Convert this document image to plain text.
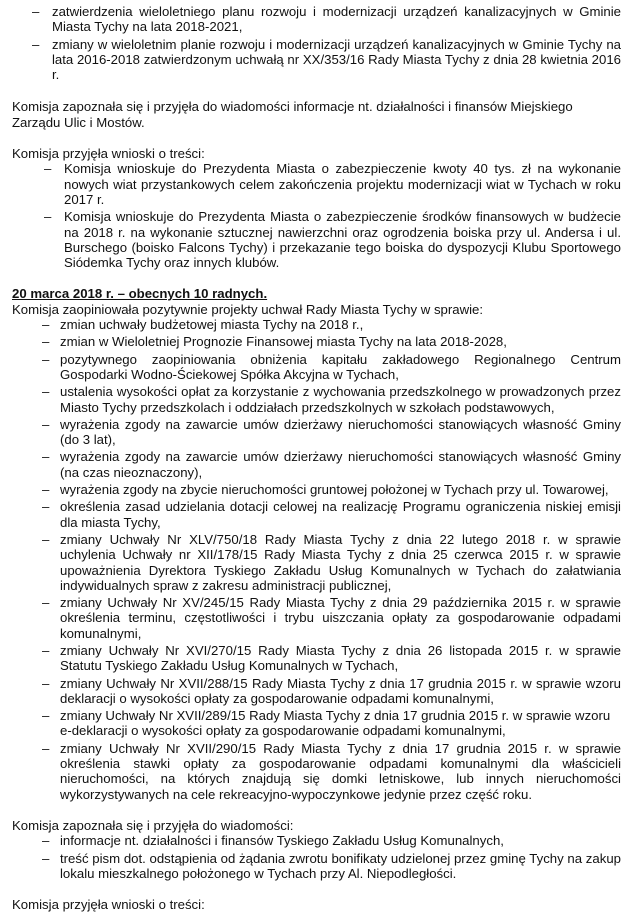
– zatwierdzenia wieloletniego planu rozwoju i modernizacji urządzeń kanalizacyjnych w Gminie Miasta Tychy na lata 2018-2021,
– zmiany w wieloletnim planie rozwoju i modernizacji urządzeń kanalizacyjnych w Gminie Tychy na lata 2016-2018 zatwierdzonym uchwałą nr XX/353/16 Rady Miasta Tychy z dnia 28 kwietnia 2016 r.

Komisja zapoznała się i przyjęła do wiadomości informacje nt. działalności i finansów Miejskiego Zarządu Ulic i Mostów.

Komisja przyjęła wnioski o treści:

– Komisja wnioskuje do Prezydenta Miasta o zabezpieczenie kwoty 40 tys. zł na wykonanie nowych wiat przystankowych celem zakończenia projektu modernizacji wiat w Tychach w roku 2017 r.
– Komisja wnioskuje do Prezydenta Miasta o zabezpieczenie środków finansowych w budżecie na 2018 r. na wykonanie sztucznej nawierzchni oraz ogrodzenia boiska przy ul. Andersa i ul. Burschego (boisko Falcons Tychy) i przekazanie tego boiska do dyspozycji Klubu Sportowego Siódemka Tychy oraz innych klubów.

20 marca 2018 r. – obecnych 10 radnych.

Komisja zaopiniowała pozytywnie projekty uchwał Rady Miasta Tychy w sprawie:

– zmian uchwały budżetowej miasta Tychy na 2018 r.,
– zmian w Wieloletniej Prognozie Finansowej miasta Tychy na lata 2018-2028,
– pozytywnego zaopiniowania obniżenia kapitału zakładowego Regionalnego Centrum Gospodarki Wodno-Ściekowej Spółka Akcyjna w Tychach,
– ustalenia wysokości opłat za korzystanie z wychowania przedszkolnego w prowadzonych przez Miasto Tychy przedszkolach i oddziałach przedszkolnych w szkołach podstawowych,
– wyrażenia zgody na zawarcie umów dzierżawy nieruchomości stanowiących własność Gminy (do 3 lat),
– wyrażenia zgody na zawarcie umów dzierżawy nieruchomości stanowiących własność Gminy (na czas nieoznaczony),
– wyrażenia zgody na zbycie nieruchomości gruntowej położonej w Tychach przy ul. Towarowej,
– określenia zasad udzielania dotacji celowej na realizację Programu ograniczenia niskiej emisji dla miasta Tychy,
– zmiany Uchwały Nr XLV/750/18 Rady Miasta Tychy z dnia 22 lutego 2018 r. w sprawie uchylenia Uchwały nr XII/178/15 Rady Miasta Tychy z dnia 25 czerwca 2015 r. w sprawie upoważnienia Dyrektora Tyskiego Zakładu Usług Komunalnych w Tychach do załatwiania indywidualnych spraw z zakresu administracji publicznej,
– zmiany Uchwały Nr XV/245/15 Rady Miasta Tychy z dnia 29 października 2015 r. w sprawie określenia terminu, częstotliwości i trybu uiszczania opłaty za gospodarowanie odpadami komunalnymi,
– zmiany Uchwały Nr XVI/270/15 Rady Miasta Tychy z dnia 26 listopada 2015 r. w sprawie Statutu Tyskiego Zakładu Usług Komunalnych w Tychach,
– zmiany Uchwały Nr XVII/288/15 Rady Miasta Tychy z dnia 17 grudnia 2015 r. w sprawie wzoru deklaracji o wysokości opłaty za gospodarowanie odpadami komunalnymi,
– zmiany Uchwały Nr XVII/289/15 Rady Miasta Tychy z dnia 17 grudnia 2015 r. w sprawie wzoru
e-deklaracji o wysokości opłaty za gospodarowanie odpadami komunalnymi,
– zmiany Uchwały Nr XVII/290/15 Rady Miasta Tychy z dnia 17 grudnia 2015 r. w sprawie określenia stawki opłaty za gospodarowanie odpadami komunalnymi dla właścicieli nieruchomości, na których znajdują się domki letniskowe, lub innych nieruchomości wykorzystywanych na cele rekreacyjno-wypoczynkowe jedynie przez część roku.

Komisja zapoznała się i przyjęła do wiadomości:

– informacje nt. działalności i finansów Tyskiego Zakładu Usług Komunalnych,
– treść pism dot. odstąpienia od żądania zwrotu bonifikaty udzielonej przez gminę Tychy na zakup lokalu mieszkalnego położonego w Tychach przy Al. Niepodległości.

Komisja przyjęła wnioski o treści:
